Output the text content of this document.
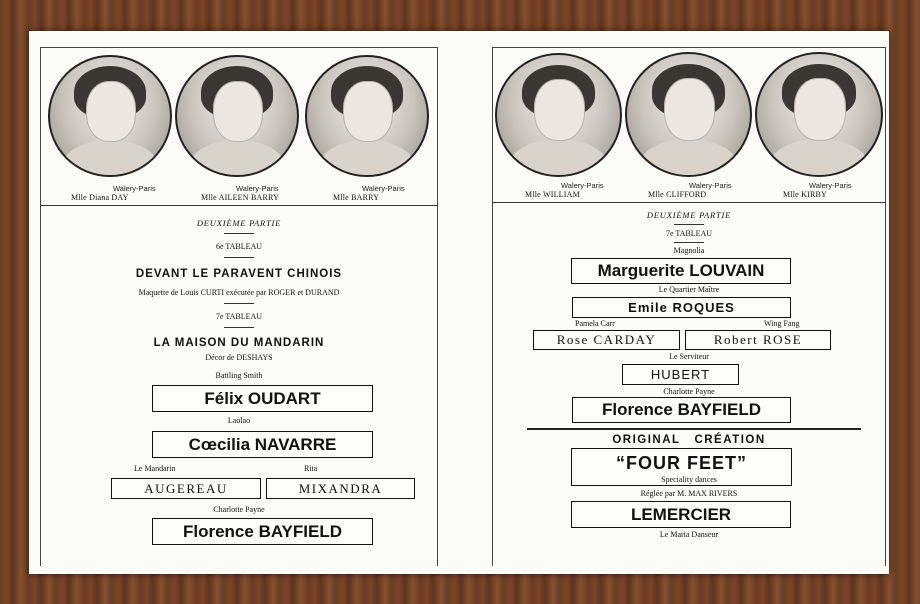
Walery-Paris	Walery-Paris	Walery-Paris
Mlle Diana DAY	Mlle AILEEN BARRY	Mlle BARRY
DEUXIÈME PARTIE
6e TABLEAU
DEVANT LE PARAVENT CHINOIS
Maquette de Louis CURTI exécutée par ROGER et DURAND
7e TABLEAU
LA MAISON DU MANDARIN
Décor de DESHAYS
Battling Smith
Félix OUDART
Laolao
Cœcilia NAVARRE
Le Mandarin	Rita
AUGEREAU	MIXANDRA
Charlotte Payne
Florence BAYFIELD
Walery-Paris	Walery-Paris	Walery-Paris
Mlle WILLIAM	Mlle CLIFFORD	Mlle KIRBY
DEUXIÈME PARTIE
7e TABLEAU
Magnolia
Marguerite LOUVAIN
Le Quartier Maître
Emile ROQUES
Pamela Carr	Wing Fang
Rose CARDAY	Robert ROSE
Le Serviteur
HUBERT
Charlotte Payne
Florence BAYFIELD
ORIGINAL   CRÉATION
“FOUR FEET”
Speciality dances
Réglée par M. MAX RIVERS
LEMERCIER
Le Maria Danseur
